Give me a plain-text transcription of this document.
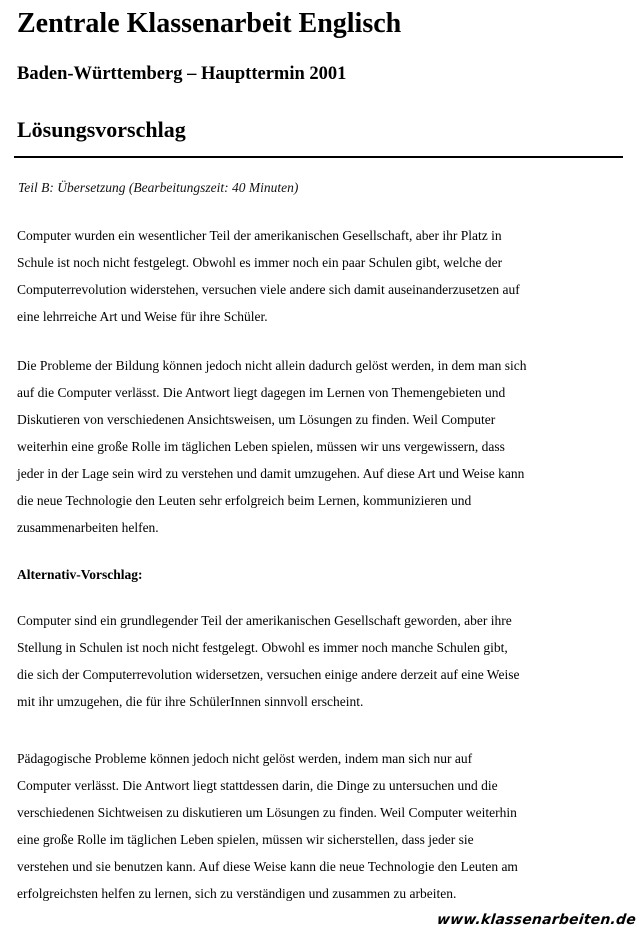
Zentrale Klassenarbeit Englisch
Baden-Württemberg – Haupttermin 2001
Lösungsvorschlag
Teil B: Übersetzung (Bearbeitungszeit: 40 Minuten)
Computer wurden ein wesentlicher Teil der amerikanischen Gesellschaft, aber ihr Platz in
Schule ist noch nicht festgelegt. Obwohl es immer noch ein paar Schulen gibt, welche der
Computerrevolution widerstehen, versuchen viele andere sich damit auseinanderzusetzen auf
eine lehrreiche Art und Weise für ihre Schüler.
Die Probleme der Bildung können jedoch nicht allein dadurch gelöst werden, in dem man sich
auf die Computer verlässt. Die Antwort liegt dagegen im Lernen von Themengebieten und
Diskutieren von verschiedenen Ansichtsweisen, um Lösungen zu finden. Weil Computer
weiterhin eine große Rolle im täglichen Leben spielen, müssen wir uns vergewissern, dass
jeder in der Lage sein wird zu verstehen und damit umzugehen. Auf diese Art und Weise kann
die neue Technologie den Leuten sehr erfolgreich beim Lernen, kommunizieren und
zusammenarbeiten helfen.
Alternativ-Vorschlag:
Computer sind ein grundlegender Teil der amerikanischen Gesellschaft geworden, aber ihre
Stellung in Schulen ist noch nicht festgelegt. Obwohl es immer noch manche Schulen gibt,
die sich der Computerrevolution widersetzen, versuchen einige andere derzeit auf eine Weise
mit ihr umzugehen, die für ihre SchülerInnen sinnvoll erscheint.
Pädagogische Probleme können jedoch nicht gelöst werden, indem man sich nur auf
Computer verlässt. Die Antwort liegt stattdessen darin, die Dinge zu untersuchen und die
verschiedenen Sichtweisen zu diskutieren um Lösungen zu finden. Weil Computer weiterhin
eine große Rolle im täglichen Leben spielen, müssen wir sicherstellen, dass jeder sie
verstehen und sie benutzen kann. Auf diese Weise kann die neue Technologie den Leuten am
erfolgreichsten helfen zu lernen, sich zu verständigen und zusammen zu arbeiten.
www.klassenarbeiten.de
